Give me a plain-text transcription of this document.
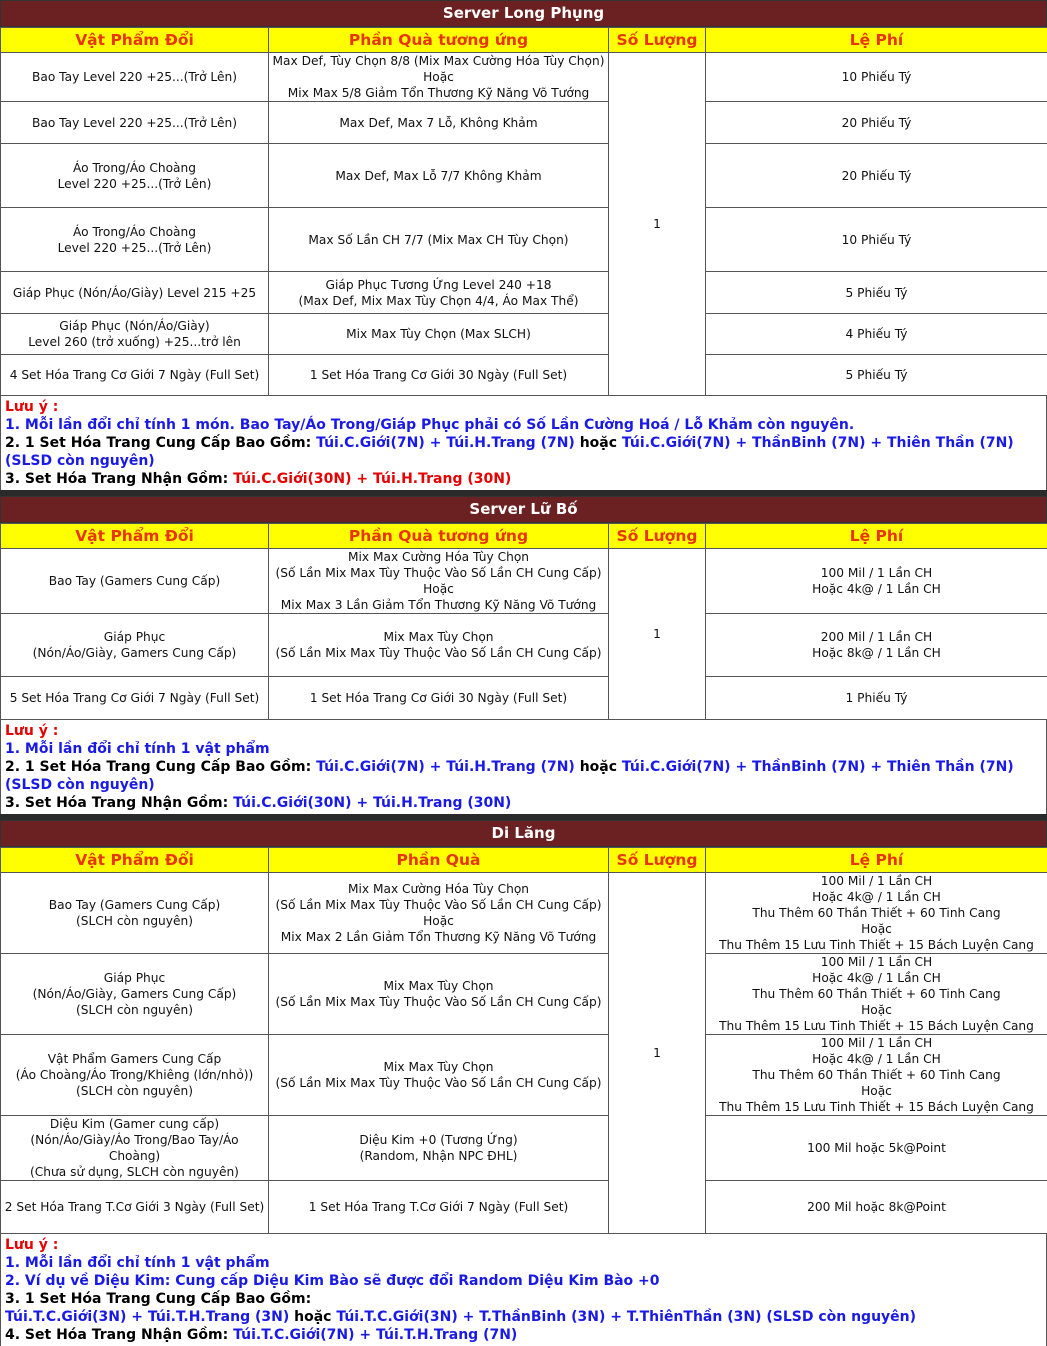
Server Long Phụng
Vật Phẩm Đổi	Phần Quà tương ứng	Số Lượng	Lệ Phí

Bao Tay Level 220 +25...(Trở Lên)	Max Def, Tùy Chọn 8/8 (Mix Max Cường Hóa Tùy Chọn)
Hoặc
Mix Max 5/8 Giảm Tổn Thương Kỹ Năng Võ Tướng	1	10 Phiếu Tý

Bao Tay Level 220 +25...(Trở Lên)	Max Def, Max 7 Lỗ, Không Khảm		20 Phiếu Tý

Áo Trong/Áo Choàng
Level 220 +25...(Trở Lên)	Max Def, Max Lỗ 7/7 Không Khảm		20 Phiếu Tý

Áo Trong/Áo Choàng
Level 220 +25...(Trở Lên)	Max Số Lần CH 7/7 (Mix Max CH Tùy Chọn)		10 Phiếu Tý

Giáp Phục (Nón/Áo/Giày) Level 215 +25	Giáp Phục Tương Ứng Level 240 +18
(Max Def, Mix Max Tùy Chọn 4/4, Áo Max Thể)		5 Phiếu Tý

Giáp Phục (Nón/Áo/Giày)
Level 260 (trở xuống) +25...trở lên	Mix Max Tùy Chọn (Max SLCH)		4 Phiếu Tý

4 Set Hóa Trang Cơ Giới 7 Ngày (Full Set)	1 Set Hóa Trang Cơ Giới 30 Ngày (Full Set)		5 Phiếu Tý
Lưu ý :
1. Mỗi lần đổi chỉ tính 1 món. Bao Tay/Áo Trong/Giáp Phục phải có Số Lần Cường Hoá / Lỗ Khảm còn nguyên.
2. 1 Set Hóa Trang Cung Cấp Bao Gồm: Túi.C.Giới(7N) + Túi.H.Trang (7N) hoặc Túi.C.Giới(7N) + ThầnBinh (7N) + Thiên Thần (7N) (SLSD còn nguyên)
3. Set Hóa Trang Nhận Gồm: Túi.C.Giới(30N) + Túi.H.Trang (30N)
Server Lữ Bố
Vật Phẩm Đổi	Phần Quà tương ứng	Số Lượng	Lệ Phí

Bao Tay (Gamers Cung Cấp)	Mix Max Cường Hóa Tùy Chọn
(Số Lần Mix Max Tùy Thuộc Vào Số Lần CH Cung Cấp)
Hoặc
Mix Max 3 Lần Giảm Tổn Thương Kỹ Năng Võ Tướng	1	100 Mil / 1 Lần CH
Hoặc 4k@ / 1 Lần CH

Giáp Phục
(Nón/Áo/Giày, Gamers Cung Cấp)	Mix Max Tùy Chọn
(Số Lần Mix Max Tùy Thuộc Vào Số Lần CH Cung Cấp)		200 Mil / 1 Lần CH
Hoặc 8k@ / 1 Lần CH

5 Set Hóa Trang Cơ Giới 7 Ngày (Full Set)	1 Set Hóa Trang Cơ Giới 30 Ngày (Full Set)		1 Phiếu Tý
Lưu ý :
1. Mỗi lần đổi chỉ tính 1 vật phẩm
2. 1 Set Hóa Trang Cung Cấp Bao Gồm: Túi.C.Giới(7N) + Túi.H.Trang (7N) hoặc Túi.C.Giới(7N) + ThầnBinh (7N) + Thiên Thần (7N) (SLSD còn nguyên)
3. Set Hóa Trang Nhận Gồm: Túi.C.Giới(30N) + Túi.H.Trang (30N)
Di Lăng
Vật Phẩm Đổi	Phần Quà	Số Lượng	Lệ Phí

Bao Tay (Gamers Cung Cấp)
(SLCH còn nguyên)	Mix Max Cường Hóa Tùy Chọn
(Số Lần Mix Max Tùy Thuộc Vào Số Lần CH Cung Cấp)
Hoặc
Mix Max 2 Lần Giảm Tổn Thương Kỹ Năng Võ Tướng	1	100 Mil / 1 Lần CH
Hoặc 4k@ / 1 Lần CH
Thu Thêm 60 Thần Thiết + 60 Tinh Cang
Hoặc
Thu Thêm 15 Lưu Tinh Thiết + 15 Bách Luyện Cang

Giáp Phục
(Nón/Áo/Giày, Gamers Cung Cấp)
(SLCH còn nguyên)	Mix Max Tùy Chọn
(Số Lần Mix Max Tùy Thuộc Vào Số Lần CH Cung Cấp)		100 Mil / 1 Lần CH
Hoặc 4k@ / 1 Lần CH
Thu Thêm 60 Thần Thiết + 60 Tinh Cang
Hoặc
Thu Thêm 15 Lưu Tinh Thiết + 15 Bách Luyện Cang

Vật Phẩm Gamers Cung Cấp
(Áo Choàng/Áo Trong/Khiêng (lớn/nhỏ))
(SLCH còn nguyên)	Mix Max Tùy Chọn
(Số Lần Mix Max Tùy Thuộc Vào Số Lần CH Cung Cấp)		100 Mil / 1 Lần CH
Hoặc 4k@ / 1 Lần CH
Thu Thêm 60 Thần Thiết + 60 Tinh Cang
Hoặc
Thu Thêm 15 Lưu Tinh Thiết + 15 Bách Luyện Cang

Diệu Kim (Gamer cung cấp)
(Nón/Áo/Giày/Áo Trong/Bao Tay/Áo Choàng)
(Chưa sử dụng, SLCH còn nguyên)	Diệu Kim +0 (Tương Ứng)
(Random, Nhận NPC ĐHL)		100 Mil hoặc 5k@Point

2 Set Hóa Trang T.Cơ Giới 3 Ngày (Full Set)	1 Set Hóa Trang T.Cơ Giới 7 Ngày (Full Set)		200 Mil hoặc 8k@Point
Lưu ý :
1. Mỗi lần đổi chỉ tính 1 vật phẩm
2. Ví dụ về Diệu Kim: Cung cấp Diệu Kim Bào sẽ được đổi Random Diệu Kim Bào +0
3. 1 Set Hóa Trang Cung Cấp Bao Gồm:
Túi.T.C.Giới(3N) + Túi.T.H.Trang (3N) hoặc Túi.T.C.Giới(3N) + T.ThầnBinh (3N) + T.ThiênThần (3N) (SLSD còn nguyên)
4. Set Hóa Trang Nhận Gồm: Túi.T.C.Giới(7N) + Túi.T.H.Trang (7N)
